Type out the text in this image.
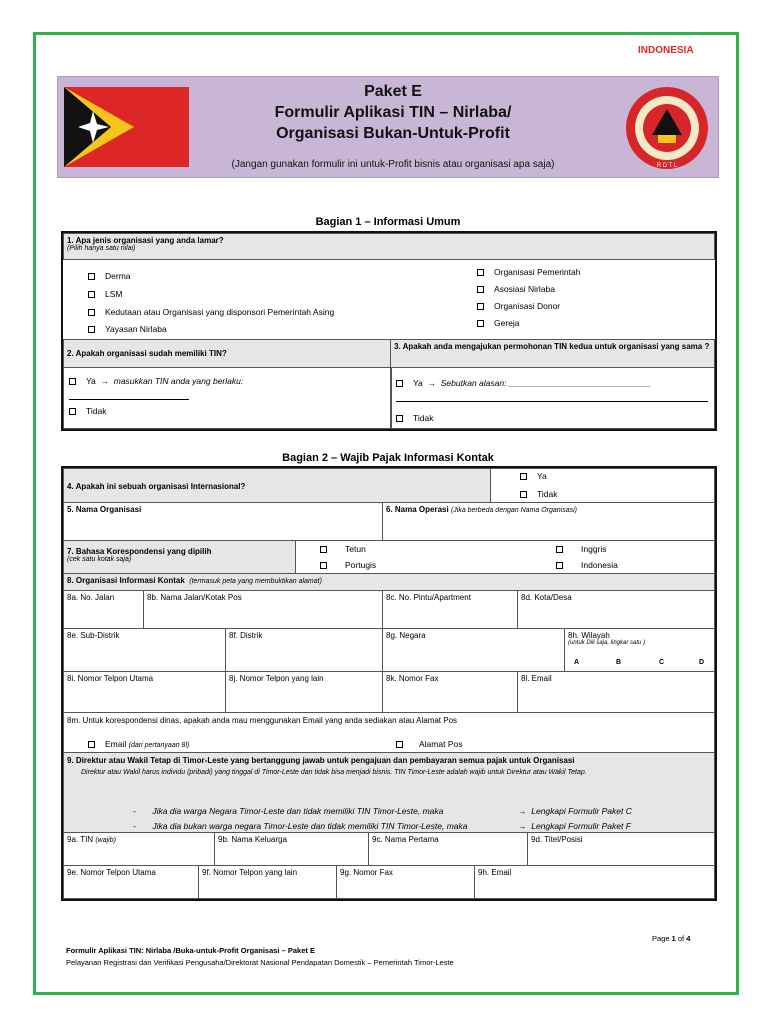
INDONESIA
Paket E
Formulir Aplikasi TIN – Nirlaba/
Organisasi Bukan-Untuk-Profit
(Jangan gunakan formulir ini untuk-Profit bisnis atau organisasi apa saja)	R D T L
Bagian 1 – Informasi Umum
1. Apa jenis organisasi yang anda lamar?
(Pilih hanya satu nilai)
Derma
LSM
Kedutaan atau Organisasi yang disponsori Pemerintah Asing
Yayasan Nirlaba
Organisasi Pemerintah
Asosiasi Nirlaba
Organisasi Donor
Gereja
2. Apakah organisasi sudah memiliki TIN?
3. Apakah anda mengajukan permohonan TIN kedua untuk organisasi yang sama ?
Ya → masukkan TIN anda yang berlaku:
Tidak
Ya → Sebutkan alasan: ______________________________
Tidak
Bagian 2 – Wajib Pajak Informasi Kontak
4. Apakah ini sebuah organisasi Internasional?
Ya
Tidak
5. Nama Organisasi	6. Nama Operasi (Jika berbeda dengan Nama Organisasi)
7. Bahasa Korespondensi yang dipilih
(cek satu kotak saja)
Tetun
Portugis
Inggris
Indonesia
8. Organisasi Informasi Kontak (termasuk peta yang membuktikan alamat)
8a. No. Jalan	8b. Nama Jalan/Kotak Pos	8c. No. Pintu/Apartment	8d. Kota/Desa
8e. Sub-Distrik	8f. Distrik	8g. Negara	8h. Wilayah
(untuk Dili saja, lingkar satu )
A	B	C	D
8i. Nomor Telpon Utama	8j. Nomor Telpon yang lain	8k. Nomor Fax	8l. Email
8m. Untuk korespondensi dinas, apakah anda mau menggunakan Email yang anda sediakan atau Alamat Pos
Email (dari pertanyaan 8l)	Alamat Pos
9. Direktur atau Wakil Tetap di Timor-Leste yang bertanggung jawab untuk pengajuan dan pembayaran semua pajak untuk Organisasi
Direktur atau Wakil harus individu (pribadi) yang tinggal di Timor-Leste dan tidak bisa menjadi bisnis. TIN Timor-Leste adalah wajib untuk Direktur atau Wakil Tetap.
- Jika dia warga Negara Timor-Leste dan tidak memiliki TIN Timor-Leste, maka	→ Lengkapi Formulir Paket C
- Jika dia bukan warga negara Timor-Leste dan tidak memiliki TIN Timor-Leste, maka	→ Lengkapi Formulir Paket F
9a. TIN (wajib)	9b. Nama Keluarga	9c. Nama Pertama	9d. Titel/Posisi
9e. Nomor Telpon Utama	9f. Nomor Telpon yang lain	9g. Nomor Fax	9h. Email
Page 1 of 4
Formulir Aplikasi TIN: Nirlaba /Buka-untuk-Profit Organisasi – Paket E
Pelayanan Registrasi dan Verifikasi Pengusaha/Direktorat Nasional Pendapatan Domestik – Pemerintah Timor-Leste
